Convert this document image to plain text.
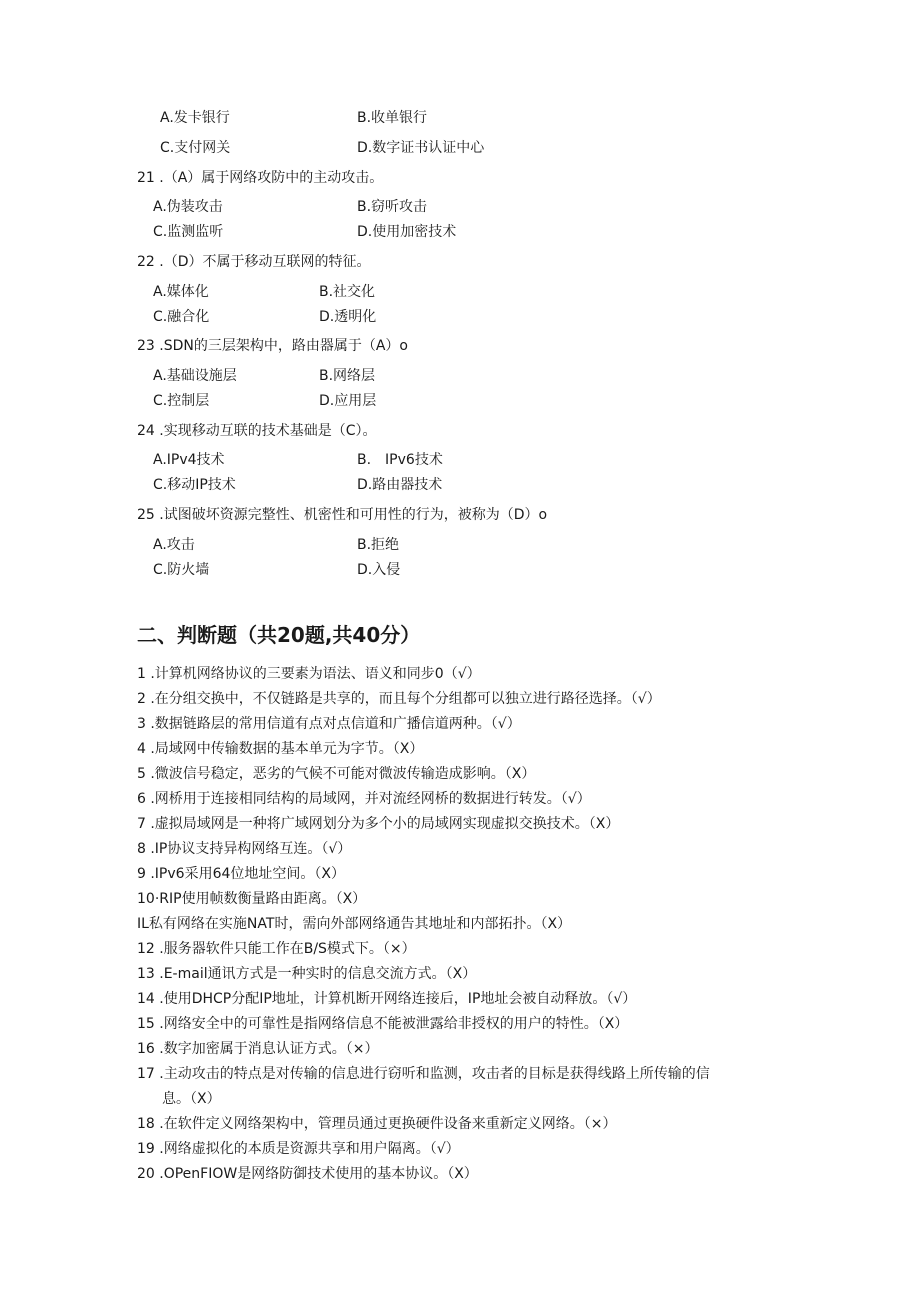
A.发卡银行	B.收单银行
C.支付网关	D.数字证书认证中心
21 .（A）属于网络攻防中的主动攻击。
A.伪装攻击	B.窃听攻击
C.监测监听	D.使用加密技术
22 .（D）不属于移动互联网的特征。
A.媒体化	B.社交化
C.融合化	D.透明化
23 .SDN的三层架构中，路由器属于（A）o
A.基础设施层	B.网络层
C.控制层	D.应用层
24 .实现移动互联的技术基础是（C）。
A.IPv4技术	B.　IPv6技术
C.移动IP技术	D.路由器技术
25 .试图破坏资源完整性、机密性和可用性的行为，被称为（D）o
A.攻击	B.拒绝
C.防火墙	D.入侵
二、判断题（共20题,共40分）
1 .计算机网络协议的三要素为语法、语义和同步0（√）
2 .在分组交换中，不仅链路是共享的，而且每个分组都可以独立进行路径选择。（√）
3 .数据链路层的常用信道有点对点信道和广播信道两种。（√）
4 .局域网中传输数据的基本单元为字节。（X）
5 .微波信号稳定，恶劣的气候不可能对微波传输造成影响。（X）
6 .网桥用于连接相同结构的局域网，并对流经网桥的数据进行转发。（√）
7 .虚拟局域网是一种将广域网划分为多个小的局域网实现虚拟交换技术。（X）
8 .IP协议支持异构网络互连。（√）
9 .IPv6采用64位地址空间。（X）
10·RIP使用帧数衡量路由距离。（X）
IL私有网络在实施NAT时，需向外部网络通告其地址和内部拓扑。（X）
12 .服务器软件只能工作在B/S模式下。（×）
13 .E-mail通讯方式是一种实时的信息交流方式。（X）
14 .使用DHCP分配IP地址，计算机断开网络连接后，IP地址会被自动释放。（√）
15 .网络安全中的可靠性是指网络信息不能被泄露给非授权的用户的特性。（X）
16 .数字加密属于消息认证方式。（×）
17 .主动攻击的特点是对传输的信息进行窃听和监测，攻击者的目标是获得线路上所传输的信
息。（X）
18 .在软件定义网络架构中，管理员通过更换硬件设备来重新定义网络。（×）
19 .网络虚拟化的本质是资源共享和用户隔离。（√）
20 .OPenFIOW是网络防御技术使用的基本协议。（X）
